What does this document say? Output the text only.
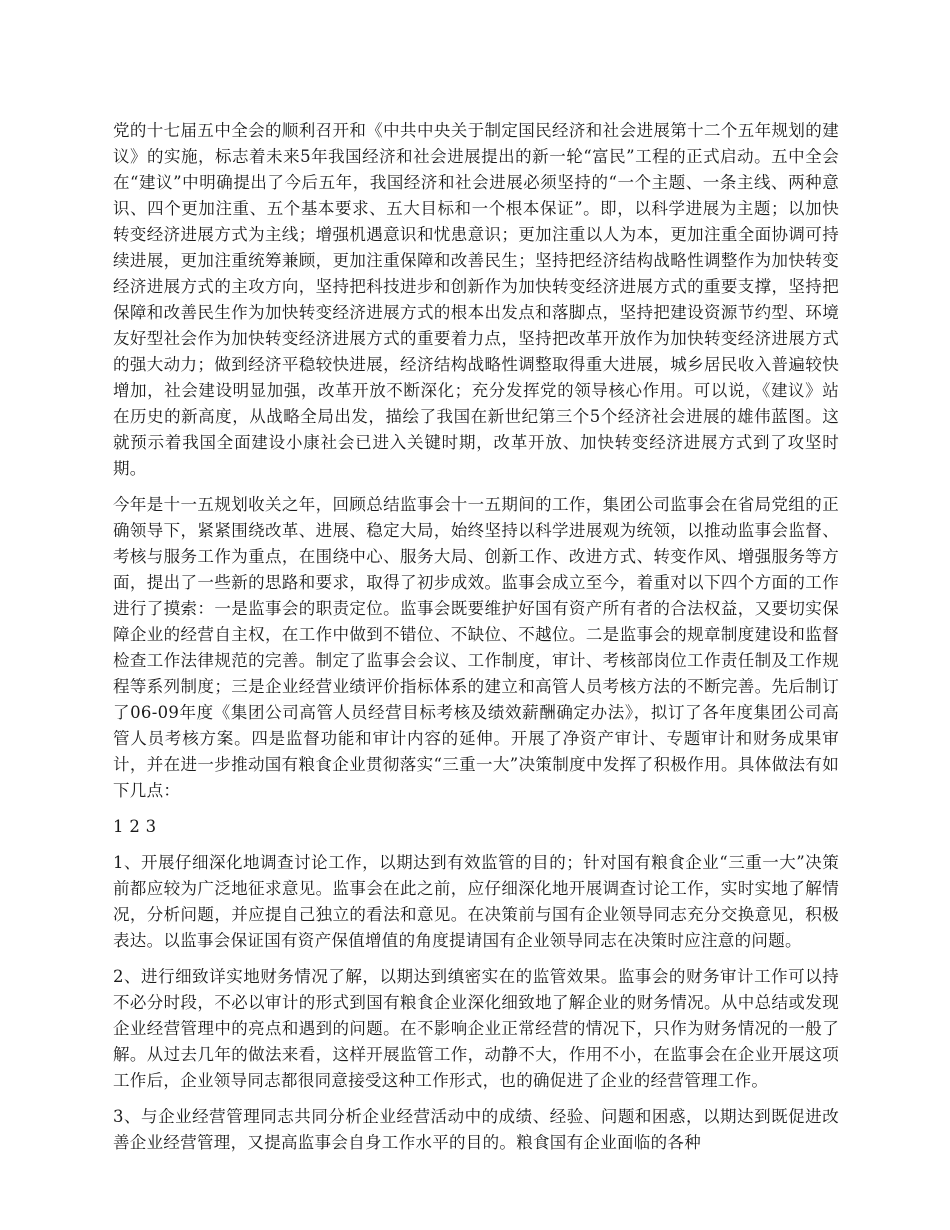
党的十七届五中全会的顺利召开和《中共中央关于制定国民经济和社会进展第十二个五年规划的建议》的实施，标志着未来5年我国经济和社会进展提出的新一轮“富民”工程的正式启动。五中全会在“建议”中明确提出了今后五年，我国经济和社会进展必须坚持的“一个主题、一条主线、两种意识、四个更加注重、五个基本要求、五大目标和一个根本保证”。即，以科学进展为主题；以加快转变经济进展方式为主线；增强机遇意识和忧患意识；更加注重以人为本，更加注重全面协调可持续进展，更加注重统筹兼顾，更加注重保障和改善民生；坚持把经济结构战略性调整作为加快转变经济进展方式的主攻方向，坚持把科技进步和创新作为加快转变经济进展方式的重要支撑，坚持把保障和改善民生作为加快转变经济进展方式的根本出发点和落脚点，坚持把建设资源节约型、环境友好型社会作为加快转变经济进展方式的重要着力点，坚持把改革开放作为加快转变经济进展方式的强大动力；做到经济平稳较快进展，经济结构战略性调整取得重大进展，城乡居民收入普遍较快增加，社会建设明显加强，改革开放不断深化；充分发挥党的领导核心作用。可以说，《建议》站在历史的新高度，从战略全局出发，描绘了我国在新世纪第三个5个经济社会进展的雄伟蓝图。这就预示着我国全面建设小康社会已进入关键时期，改革开放、加快转变经济进展方式到了攻坚时期。

今年是十一五规划收关之年，回顾总结监事会十一五期间的工作，集团公司监事会在省局党组的正确领导下，紧紧围绕改革、进展、稳定大局，始终坚持以科学进展观为统领，以推动监事会监督、考核与服务工作为重点，在围绕中心、服务大局、创新工作、改进方式、转变作风、增强服务等方面，提出了一些新的思路和要求，取得了初步成效。监事会成立至今，着重对以下四个方面的工作进行了摸索：一是监事会的职责定位。监事会既要维护好国有资产所有者的合法权益，又要切实保障企业的经营自主权，在工作中做到不错位、不缺位、不越位。二是监事会的规章制度建设和监督检查工作法律规范的完善。制定了监事会会议、工作制度，审计、考核部岗位工作责任制及工作规程等系列制度；三是企业经营业绩评价指标体系的建立和高管人员考核方法的不断完善。先后制订了06-09年度《集团公司高管人员经营目标考核及绩效薪酬确定办法》，拟订了各年度集团公司高管人员考核方案。四是监督功能和审计内容的延伸。开展了净资产审计、专题审计和财务成果审计，并在进一步推动国有粮食企业贯彻落实“三重一大”决策制度中发挥了积极作用。具体做法有如下几点：

1 2 3

1、开展仔细深化地调查讨论工作，以期达到有效监管的目的；针对国有粮食企业“三重一大”决策前都应较为广泛地征求意见。监事会在此之前，应仔细深化地开展调查讨论工作，实时实地了解情况，分析问题，并应提自己独立的看法和意见。在决策前与国有企业领导同志充分交换意见，积极表达。以监事会保证国有资产保值增值的角度提请国有企业领导同志在决策时应注意的问题。

2、进行细致详实地财务情况了解，以期达到缜密实在的监管效果。监事会的财务审计工作可以持不必分时段，不必以审计的形式到国有粮食企业深化细致地了解企业的财务情况。从中总结或发现企业经营管理中的亮点和遇到的问题。在不影响企业正常经营的情况下，只作为财务情况的一般了解。从过去几年的做法来看，这样开展监管工作，动静不大，作用不小，在监事会在企业开展这项工作后，企业领导同志都很同意接受这种工作形式，也的确促进了企业的经营管理工作。

3、与企业经营管理同志共同分析企业经营活动中的成绩、经验、问题和困惑，以期达到既促进改善企业经营管理，又提高监事会自身工作水平的目的。粮食国有企业面临的各种
